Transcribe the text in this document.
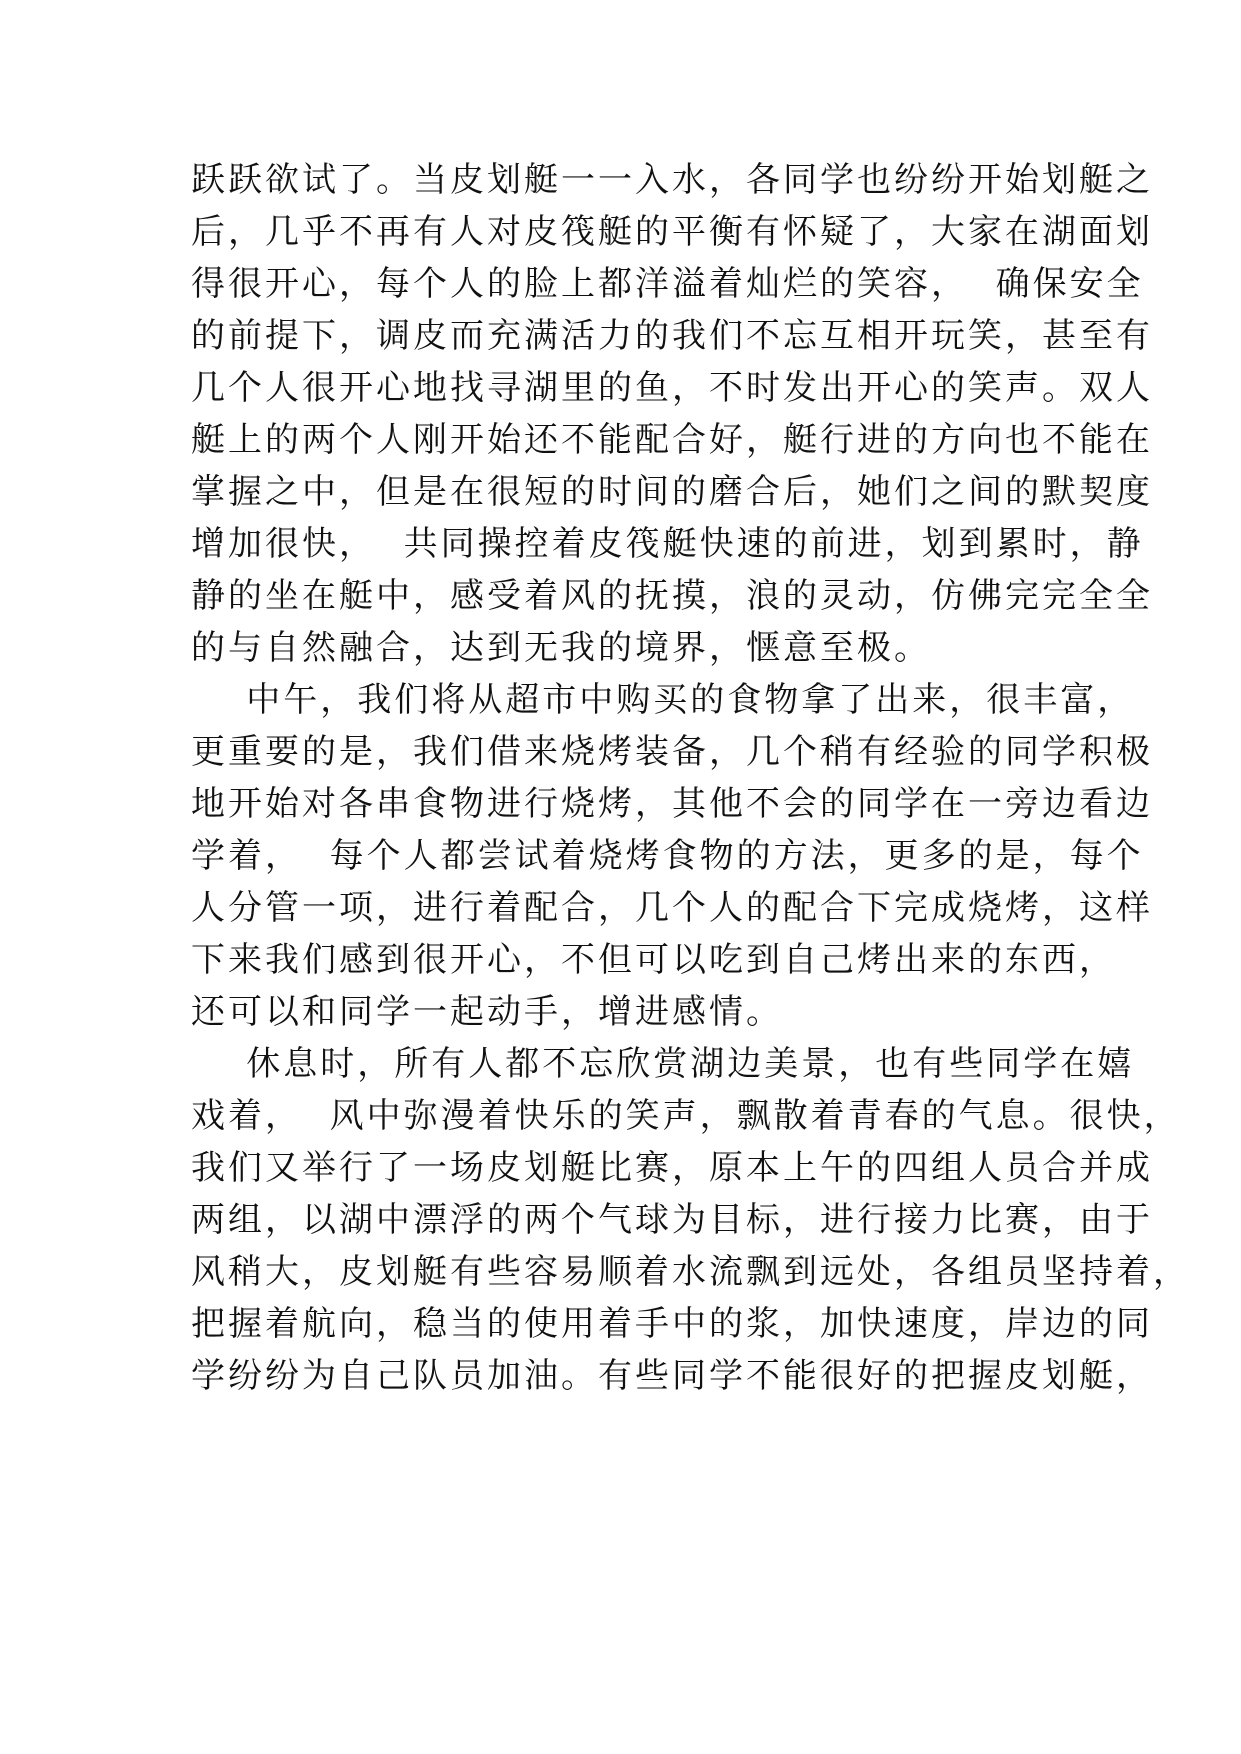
跃跃欲试了。当皮划艇一一入水，各同学也纷纷开始划艇之
后，几乎不再有人对皮筏艇的平衡有怀疑了，大家在湖面划
得很开心，每个人的脸上都洋溢着灿烂的笑容，  确保安全
的前提下，调皮而充满活力的我们不忘互相开玩笑，甚至有
几个人很开心地找寻湖里的鱼，不时发出开心的笑声。双人
艇上的两个人刚开始还不能配合好，艇行进的方向也不能在
掌握之中，但是在很短的时间的磨合后，她们之间的默契度
增加很快，  共同操控着皮筏艇快速的前进，划到累时，静
静的坐在艇中，感受着风的抚摸，浪的灵动，仿佛完完全全
的与自然融合，达到无我的境界，惬意至极。
中午，我们将从超市中购买的食物拿了出来，很丰富，
更重要的是，我们借来烧烤装备，几个稍有经验的同学积极
地开始对各串食物进行烧烤，其他不会的同学在一旁边看边
学着，  每个人都尝试着烧烤食物的方法，更多的是，每个
人分管一项，进行着配合，几个人的配合下完成烧烤，这样
下来我们感到很开心，不但可以吃到自己烤出来的东西，
还可以和同学一起动手，增进感情。
休息时，所有人都不忘欣赏湖边美景，也有些同学在嬉
戏着，  风中弥漫着快乐的笑声，飘散着青春的气息。很快，
我们又举行了一场皮划艇比赛，原本上午的四组人员合并成
两组，以湖中漂浮的两个气球为目标，进行接力比赛，由于
风稍大，皮划艇有些容易顺着水流飘到远处，各组员坚持着，
把握着航向，稳当的使用着手中的浆，加快速度，岸边的同
学纷纷为自己队员加油。有些同学不能很好的把握皮划艇，
